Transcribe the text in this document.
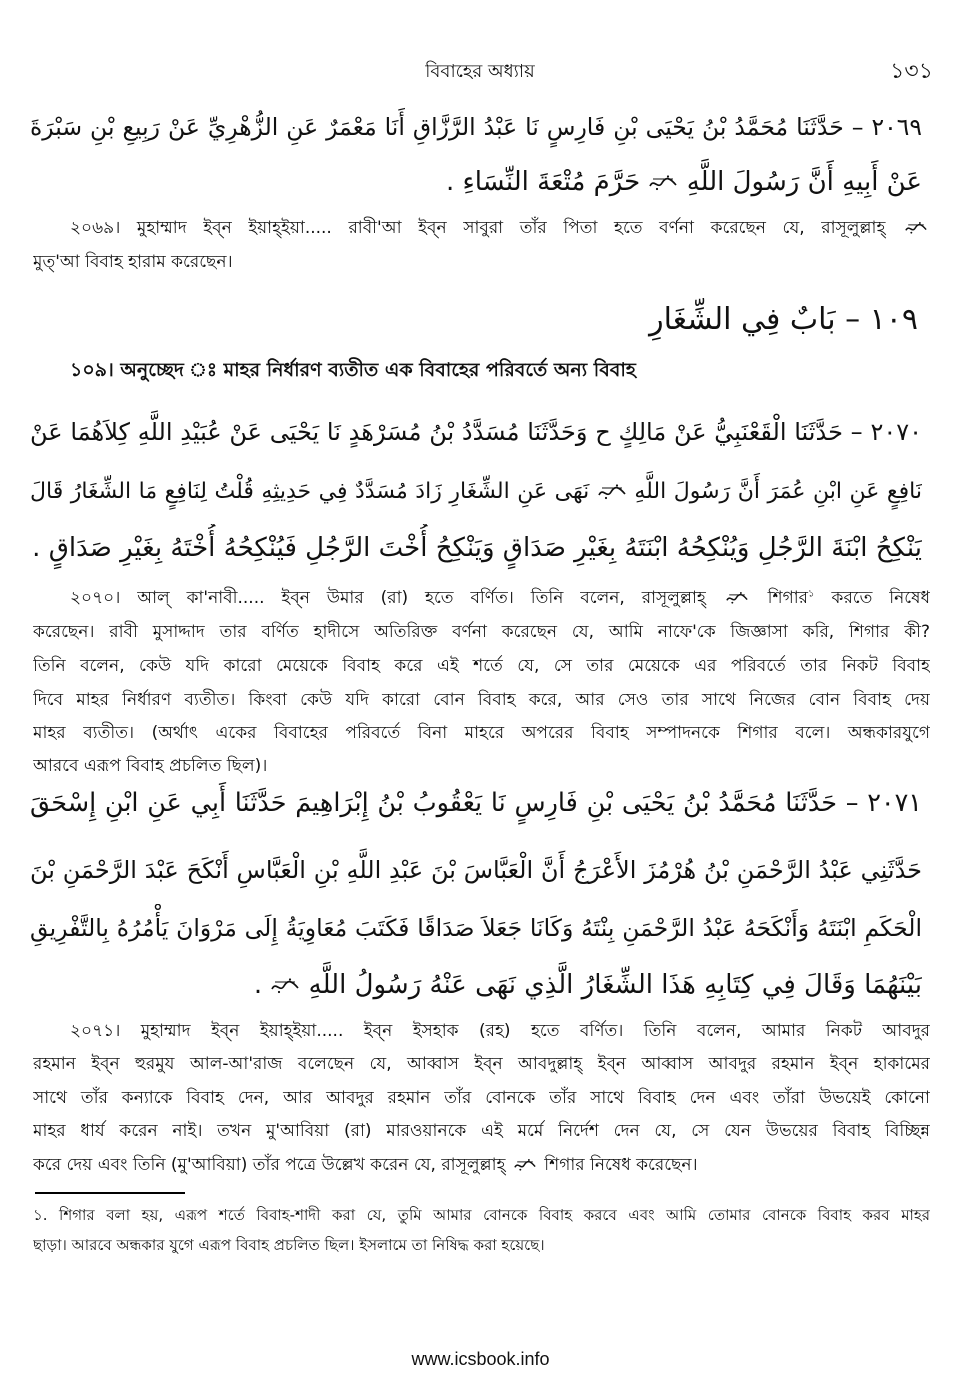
বিবাহের অধ্যায়	১৩১
٢٠٦٩ – حَدَّثَنَا مُحَمَّدُ بْنُ يَحْيَى بْنِ فَارِسٍ نَا عَبْدُ الرَّزَّاقِ أَنَا مَعْمَرٌ عَنِ الزُّهْرِيِّ عَنْ رَبِيعِ بْنِ سَبْرَةَ
عَنْ أَبِيهِ أَنَّ رَسُولَ اللَّهِ  حَرَّمَ مُتْعَةَ النِّسَاءِ .
২০৬৯। মুহাম্মাদ ইব্‌ন ইয়াহ্‌ইয়া..... রাবী'আ ইব্‌ন সাবুরা তাঁর পিতা হতে বর্ণনা করেছেন যে, রাসূলুল্লাহ্
মুত্'আ বিবাহ হারাম করেছেন।
١٠٩ – بَابٌ فِي الشِّغَارِ
১০৯। অনুচ্ছেদ ঃ মাহর নির্ধারণ ব্যতীত এক বিবাহের পরিবর্তে অন্য বিবাহ
٢٠٧٠ – حَدَّثَنَا الْقَعْنَبِيُّ عَنْ مَالِكٍ ح وَحَدَّثَنَا مُسَدَّدُ بْنُ مُسَرْهَدٍ نَا يَحْيَى عَنْ عُبَيْدِ اللَّهِ كِلاَهُمَا عَنْ
نَافِعٍ عَنِ ابْنِ عُمَرَ أَنَّ رَسُولَ اللَّهِ  نَهَى عَنِ الشِّغَارِ زَادَ مُسَدَّدٌ فِي حَدِيثِهِ قُلْتُ لِنَافِعٍ مَا الشِّغَارُ قَالَ
يَنْكِحُ ابْنَةَ الرَّجُلِ وَيُنْكِحُهُ ابْنَتَهُ بِغَيْرِ صَدَاقٍ وَيَنْكِحُ أُخْتَ الرَّجُلِ فَيُنْكِحُهُ أُخْتَهُ بِغَيْرِ صَدَاقٍ .
২০৭০। আল্ কা'নাবী..... ইব্‌ন উমার (রা) হতে বর্ণিত। তিনি বলেন, রাসূলুল্লাহ্	শিগার$^১$ করতে নিষেধ
করেছেন। রাবী মুসাদ্দাদ তার বর্ণিত হাদীসে অতিরিক্ত বর্ণনা করেছেন যে, আমি নাফে'কে জিজ্ঞাসা করি, শিগার কী?
তিনি বলেন, কেউ যদি কারো মেয়েকে বিবাহ করে এই শর্তে যে, সে তার মেয়েকে এর পরিবর্তে তার নিকট বিবাহ
দিবে মাহর নির্ধারণ ব্যতীত। কিংবা কেউ যদি কারো বোন বিবাহ করে, আর সেও তার সাথে নিজের বোন বিবাহ দেয়
মাহর ব্যতীত। (অর্থাৎ একের বিবাহের পরিবর্তে বিনা মাহরে অপরের বিবাহ সম্পাদনকে শিগার বলে। অন্ধকারযুগে
আরবে এরূপ বিবাহ প্রচলিত ছিল)।
٢٠٧١ – حَدَّثَنَا مُحَمَّدُ بْنُ يَحْيَى بْنِ فَارِسٍ نَا يَعْقُوبُ بْنُ إِبْرَاهِيمَ حَدَّثَنَا أَبِي عَنِ ابْنِ إِسْحَقَ
حَدَّثَنِي عَبْدُ الرَّحْمَنِ بْنُ هُرْمُزَ الأَعْرَجُ أَنَّ الْعَبَّاسَ بْنَ عَبْدِ اللَّهِ بْنِ الْعَبَّاسِ أَنْكَحَ عَبْدَ الرَّحْمَنِ بْنَ
الْحَكَمِ ابْنَتَهُ وَأَنْكَحَهُ عَبْدُ الرَّحْمَنِ بِنْتَهُ وَكَانَا جَعَلاَ صَدَاقًا فَكَتَبَ مُعَاوِيَةُ إِلَى مَرْوَانَ يَأْمُرُهُ بِالتَّفْرِيقِ
بَيْنَهُمَا وَقَالَ فِي كِتَابِهِ هَذَا الشِّغَارُ الَّذِي نَهَى عَنْهُ رَسُولُ اللَّهِ  .
২০৭১। মুহাম্মাদ ইব্‌ন ইয়াহ্‌ইয়া..... ইব্‌ন ইসহাক (রহ) হতে বর্ণিত। তিনি বলেন, আমার নিকট আবদুর
রহমান ইব্‌ন হুরমুয আল-আ'রাজ বলেছেন যে, আব্বাস ইব্‌ন আবদুল্লাহ্ ইব্‌ন আব্বাস আবদুর রহমান ইব্‌ন হাকামের
সাথে তাঁর কন্যাকে বিবাহ দেন, আর আবদুর রহমান তাঁর বোনকে তাঁর সাথে বিবাহ দেন এবং তাঁরা উভয়েই কোনো
মাহর ধার্য করেন নাই। তখন মু'আবিয়া (রা) মারওয়ানকে এই মর্মে নির্দেশ দেন যে, সে যেন উভয়ের বিবাহ বিচ্ছিন্ন
করে দেয় এবং তিনি (মু'আবিয়া) তাঁর পত্রে উল্লেখ করেন যে, রাসূলুল্লাহ্ শিগার নিষেধ করেছেন।
১. শিগার বলা হয়, এরূপ শর্তে বিবাহ-শাদী করা যে, তুমি আমার বোনকে বিবাহ করবে এবং আমি তোমার বোনকে বিবাহ করব মাহর
ছাড়া। আরবে অন্ধকার যুগে এরূপ বিবাহ প্রচলিত ছিল। ইসলামে তা নিষিদ্ধ করা হয়েছে।
www.icsbook.info
